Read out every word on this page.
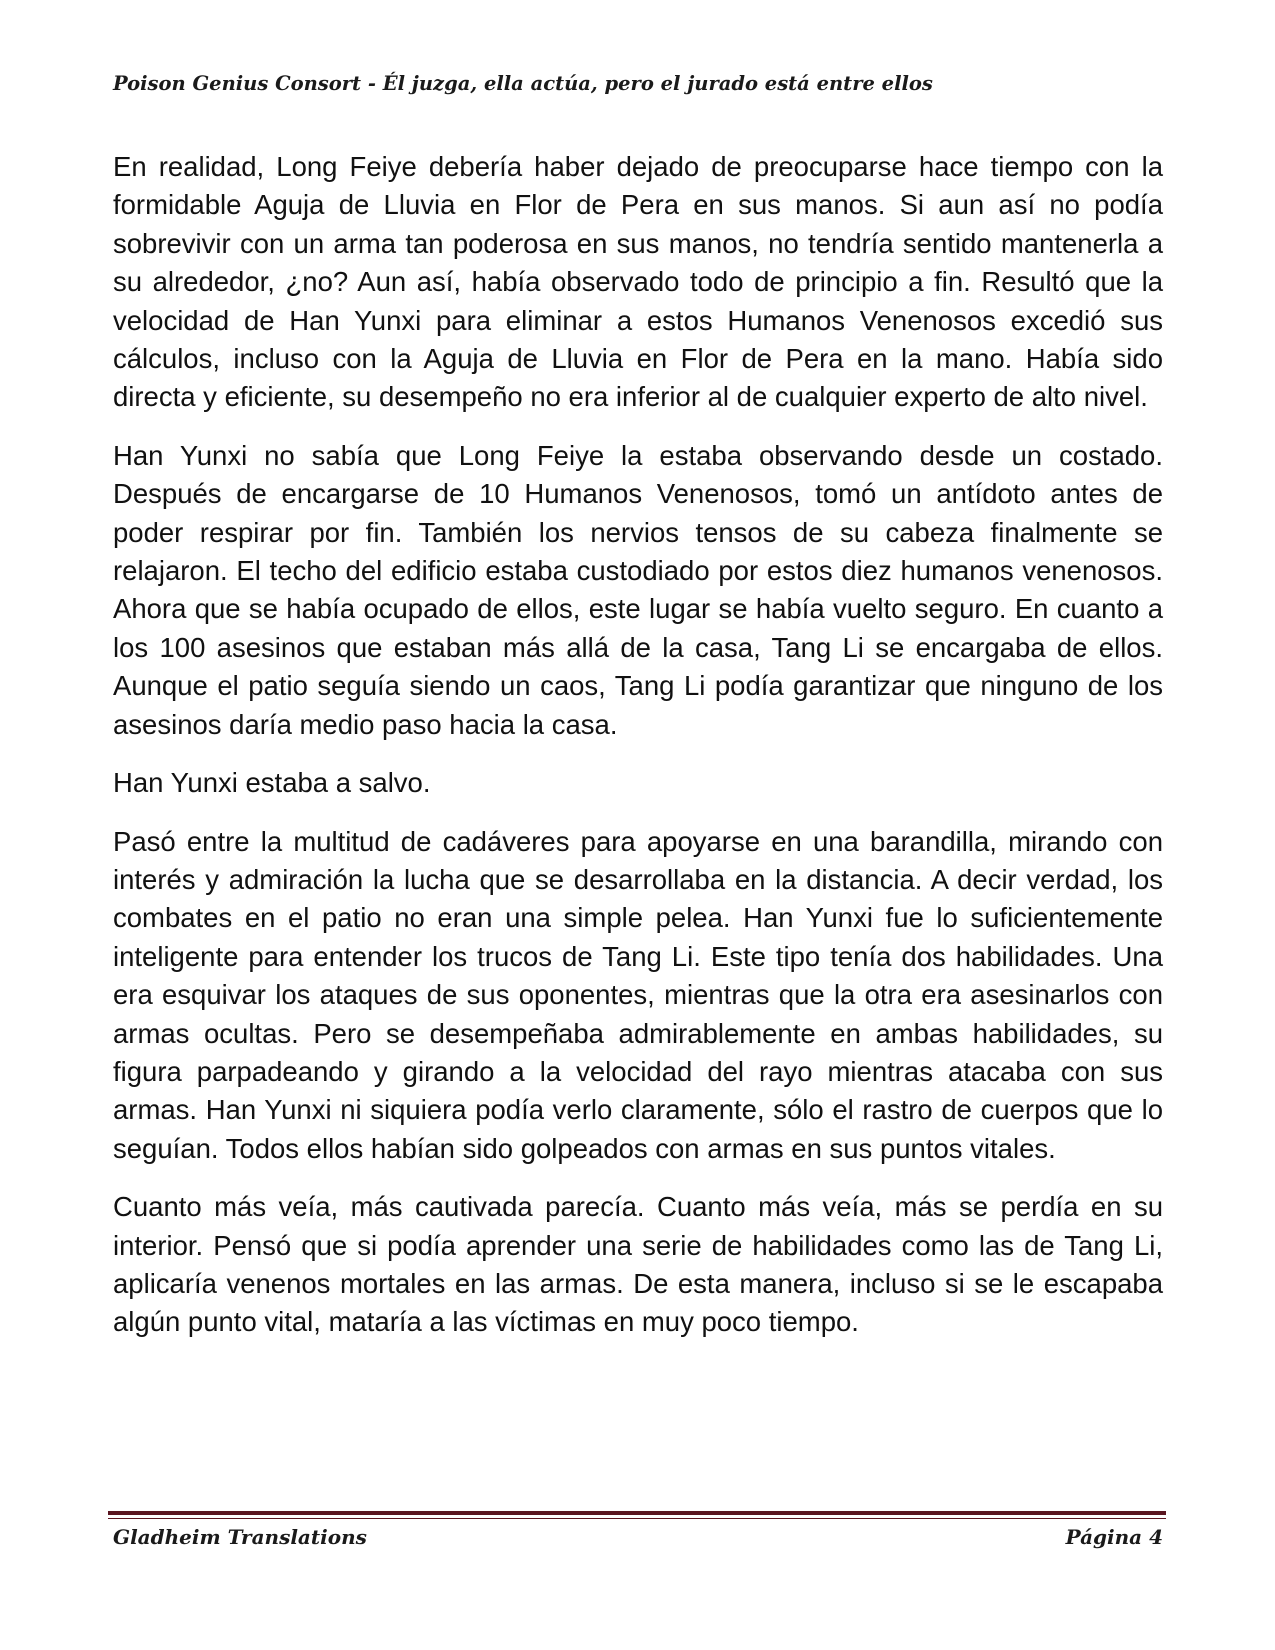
Poison Genius Consort - Él juzga, ella actúa, pero el jurado está entre ellos

En realidad, Long Feiye debería haber dejado de preocuparse hace tiempo con la formidable Aguja de Lluvia en Flor de Pera en sus manos. Si aun así no podía sobrevivir con un arma tan poderosa en sus manos, no tendría sentido mantenerla a su alrededor, ¿no? Aun así, había observado todo de principio a fin. Resultó que la velocidad de Han Yunxi para eliminar a estos Humanos Venenosos excedió sus cálculos, incluso con la Aguja de Lluvia en Flor de Pera en la mano. Había sido directa y eficiente, su desempeño no era inferior al de cualquier experto de alto nivel.

Han Yunxi no sabía que Long Feiye la estaba observando desde un costado. Después de encargarse de 10 Humanos Venenosos, tomó un antídoto antes de poder respirar por fin. También los nervios tensos de su cabeza finalmente se relajaron. El techo del edificio estaba custodiado por estos diez humanos venenosos. Ahora que se había ocupado de ellos, este lugar se había vuelto seguro. En cuanto a los 100 asesinos que estaban más allá de la casa, Tang Li se encargaba de ellos. Aunque el patio seguía siendo un caos, Tang Li podía garantizar que ninguno de los asesinos daría medio paso hacia la casa.

Han Yunxi estaba a salvo.

Pasó entre la multitud de cadáveres para apoyarse en una barandilla, mirando con interés y admiración la lucha que se desarrollaba en la distancia. A decir verdad, los combates en el patio no eran una simple pelea. Han Yunxi fue lo suficientemente inteligente para entender los trucos de Tang Li. Este tipo tenía dos habilidades. Una era esquivar los ataques de sus oponentes, mientras que la otra era asesinarlos con armas ocultas. Pero se desempeñaba admirablemente en ambas habilidades, su figura parpadeando y girando a la velocidad del rayo mientras atacaba con sus armas. Han Yunxi ni siquiera podía verlo claramente, sólo el rastro de cuerpos que lo seguían. Todos ellos habían sido golpeados con armas en sus puntos vitales.

Cuanto más veía, más cautivada parecía. Cuanto más veía, más se perdía en su interior. Pensó que si podía aprender una serie de habilidades como las de Tang Li, aplicaría venenos mortales en las armas. De esta manera, incluso si se le escapaba algún punto vital, mataría a las víctimas en muy poco tiempo.

Gladheim Translations	Página 4
